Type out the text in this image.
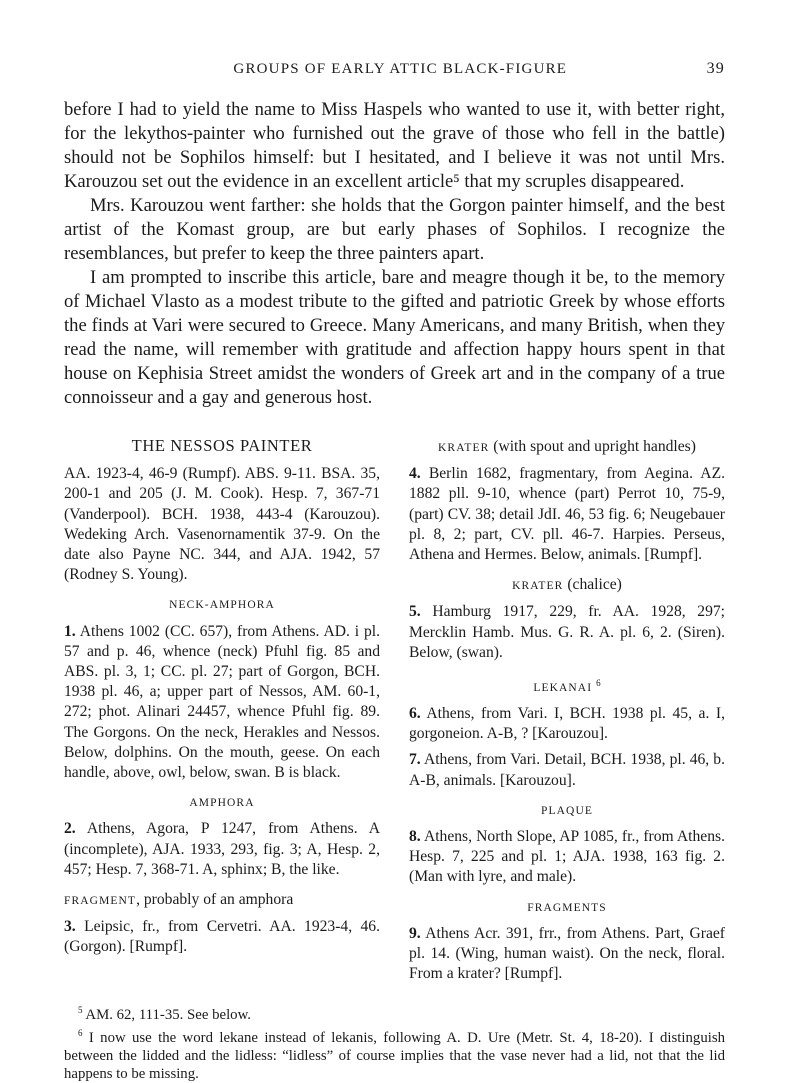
GROUPS OF EARLY ATTIC BLACK-FIGURE	39

before I had to yield the name to Miss Haspels who wanted to use it, with better right, for the lekythos-painter who furnished out the grave of those who fell in the battle) should not be Sophilos himself: but I hesitated, and I believe it was not until Mrs. Karouzou set out the evidence in an excellent article⁵ that my scruples disappeared.

Mrs. Karouzou went farther: she holds that the Gorgon painter himself, and the best artist of the Komast group, are but early phases of Sophilos. I recognize the resemblances, but prefer to keep the three painters apart.

I am prompted to inscribe this article, bare and meagre though it be, to the memory of Michael Vlasto as a modest tribute to the gifted and patriotic Greek by whose efforts the finds at Vari were secured to Greece. Many Americans, and many British, when they read the name, will remember with gratitude and affection happy hours spent in that house on Kephisia Street amidst the wonders of Greek art and in the company of a true connoisseur and a gay and generous host.

THE NESSOS PAINTER

AA. 1923-4, 46-9 (Rumpf). ABS. 9-11. BSA. 35, 200-1 and 205 (J. M. Cook). Hesp. 7, 367-71 (Vanderpool). BCH. 1938, 443-4 (Karouzou). Wedeking Arch. Vasenornamentik 37-9. On the date also Payne NC. 344, and AJA. 1942, 57 (Rodney S. Young).

NECK-AMPHORA

1. Athens 1002 (CC. 657), from Athens. AD. i pl. 57 and p. 46, whence (neck) Pfuhl fig. 85 and ABS. pl. 3, 1; CC. pl. 27; part of Gorgon, BCH. 1938 pl. 46, a; upper part of Nessos, AM. 60-1, 272; phot. Alinari 24457, whence Pfuhl fig. 89. The Gorgons. On the neck, Herakles and Nessos. Below, dolphins. On the mouth, geese. On each handle, above, owl, below, swan. B is black.

AMPHORA

2. Athens, Agora, P 1247, from Athens. A (incomplete), AJA. 1933, 293, fig. 3; A, Hesp. 2, 457; Hesp. 7, 368-71. A, sphinx; B, the like.

FRAGMENT, probably of an amphora

3. Leipsic, fr., from Cervetri. AA. 1923-4, 46. (Gorgon). [Rumpf].

KRATER (with spout and upright handles)

4. Berlin 1682, fragmentary, from Aegina. AZ. 1882 pll. 9-10, whence (part) Perrot 10, 75-9, (part) CV. 38; detail JdI. 46, 53 fig. 6; Neugebauer pl. 8, 2; part, CV. pll. 46-7. Harpies. Perseus, Athena and Hermes. Below, animals. [Rumpf].

KRATER (chalice)

5. Hamburg 1917, 229, fr. AA. 1928, 297; Mercklin Hamb. Mus. G. R. A. pl. 6, 2. (Siren). Below, (swan).

LEKANAI $^6$

6. Athens, from Vari. I, BCH. 1938 pl. 45, a. I, gorgoneion. A-B, ? [Karouzou].

7. Athens, from Vari. Detail, BCH. 1938, pl. 46, b. A-B, animals. [Karouzou].

PLAQUE

8. Athens, North Slope, AP 1085, fr., from Athens. Hesp. 7, 225 and pl. 1; AJA. 1938, 163 fig. 2. (Man with lyre, and male).

FRAGMENTS

9. Athens Acr. 391, frr., from Athens. Part, Graef pl. 14. (Wing, human waist). On the neck, floral. From a krater? [Rumpf].

$^5$ AM. 62, 111-35. See below.

$^6$ I now use the word lekane instead of lekanis, following A. D. Ure (Metr. St. 4, 18-20). I distinguish between the lidded and the lidless: “lidless” of course implies that the vase never had a lid, not that the lid happens to be missing.
